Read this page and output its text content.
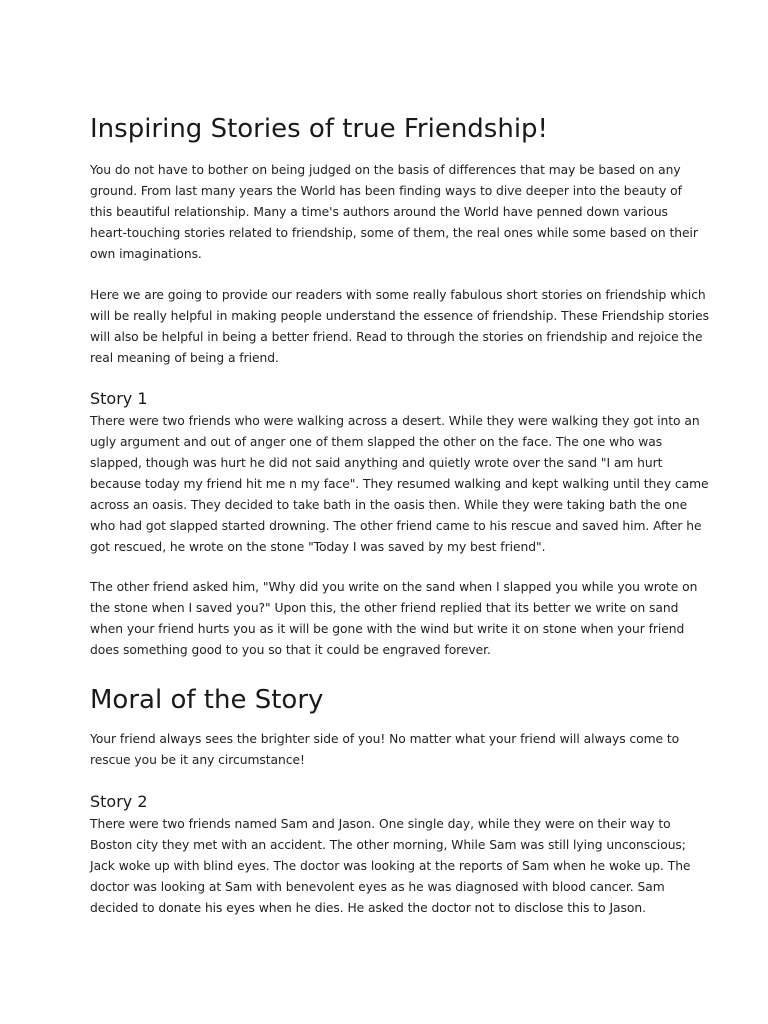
Inspiring Stories of true Friendship!
You do not have to bother on being judged on the basis of differences that may be based on any
ground. From last many years the World has been finding ways to dive deeper into the beauty of
this beautiful relationship. Many a time's authors around the World have penned down various
heart-touching stories related to friendship, some of them, the real ones while some based on their
own imaginations.
Here we are going to provide our readers with some really fabulous short stories on friendship which
will be really helpful in making people understand the essence of friendship. These Friendship stories
will also be helpful in being a better friend. Read to through the stories on friendship and rejoice the
real meaning of being a friend.
Story 1
There were two friends who were walking across a desert. While they were walking they got into an
ugly argument and out of anger one of them slapped the other on the face. The one who was
slapped, though was hurt he did not said anything and quietly wrote over the sand "I am hurt
because today my friend hit me n my face". They resumed walking and kept walking until they came
across an oasis. They decided to take bath in the oasis then. While they were taking bath the one
who had got slapped started drowning. The other friend came to his rescue and saved him. After he
got rescued, he wrote on the stone "Today I was saved by my best friend".
The other friend asked him, "Why did you write on the sand when I slapped you while you wrote on
the stone when I saved you?" Upon this, the other friend replied that its better we write on sand
when your friend hurts you as it will be gone with the wind but write it on stone when your friend
does something good to you so that it could be engraved forever.
Moral of the Story
Your friend always sees the brighter side of you! No matter what your friend will always come to
rescue you be it any circumstance!
Story 2
There were two friends named Sam and Jason. One single day, while they were on their way to
Boston city they met with an accident. The other morning, While Sam was still lying unconscious;
Jack woke up with blind eyes. The doctor was looking at the reports of Sam when he woke up. The
doctor was looking at Sam with benevolent eyes as he was diagnosed with blood cancer. Sam
decided to donate his eyes when he dies. He asked the doctor not to disclose this to Jason.
